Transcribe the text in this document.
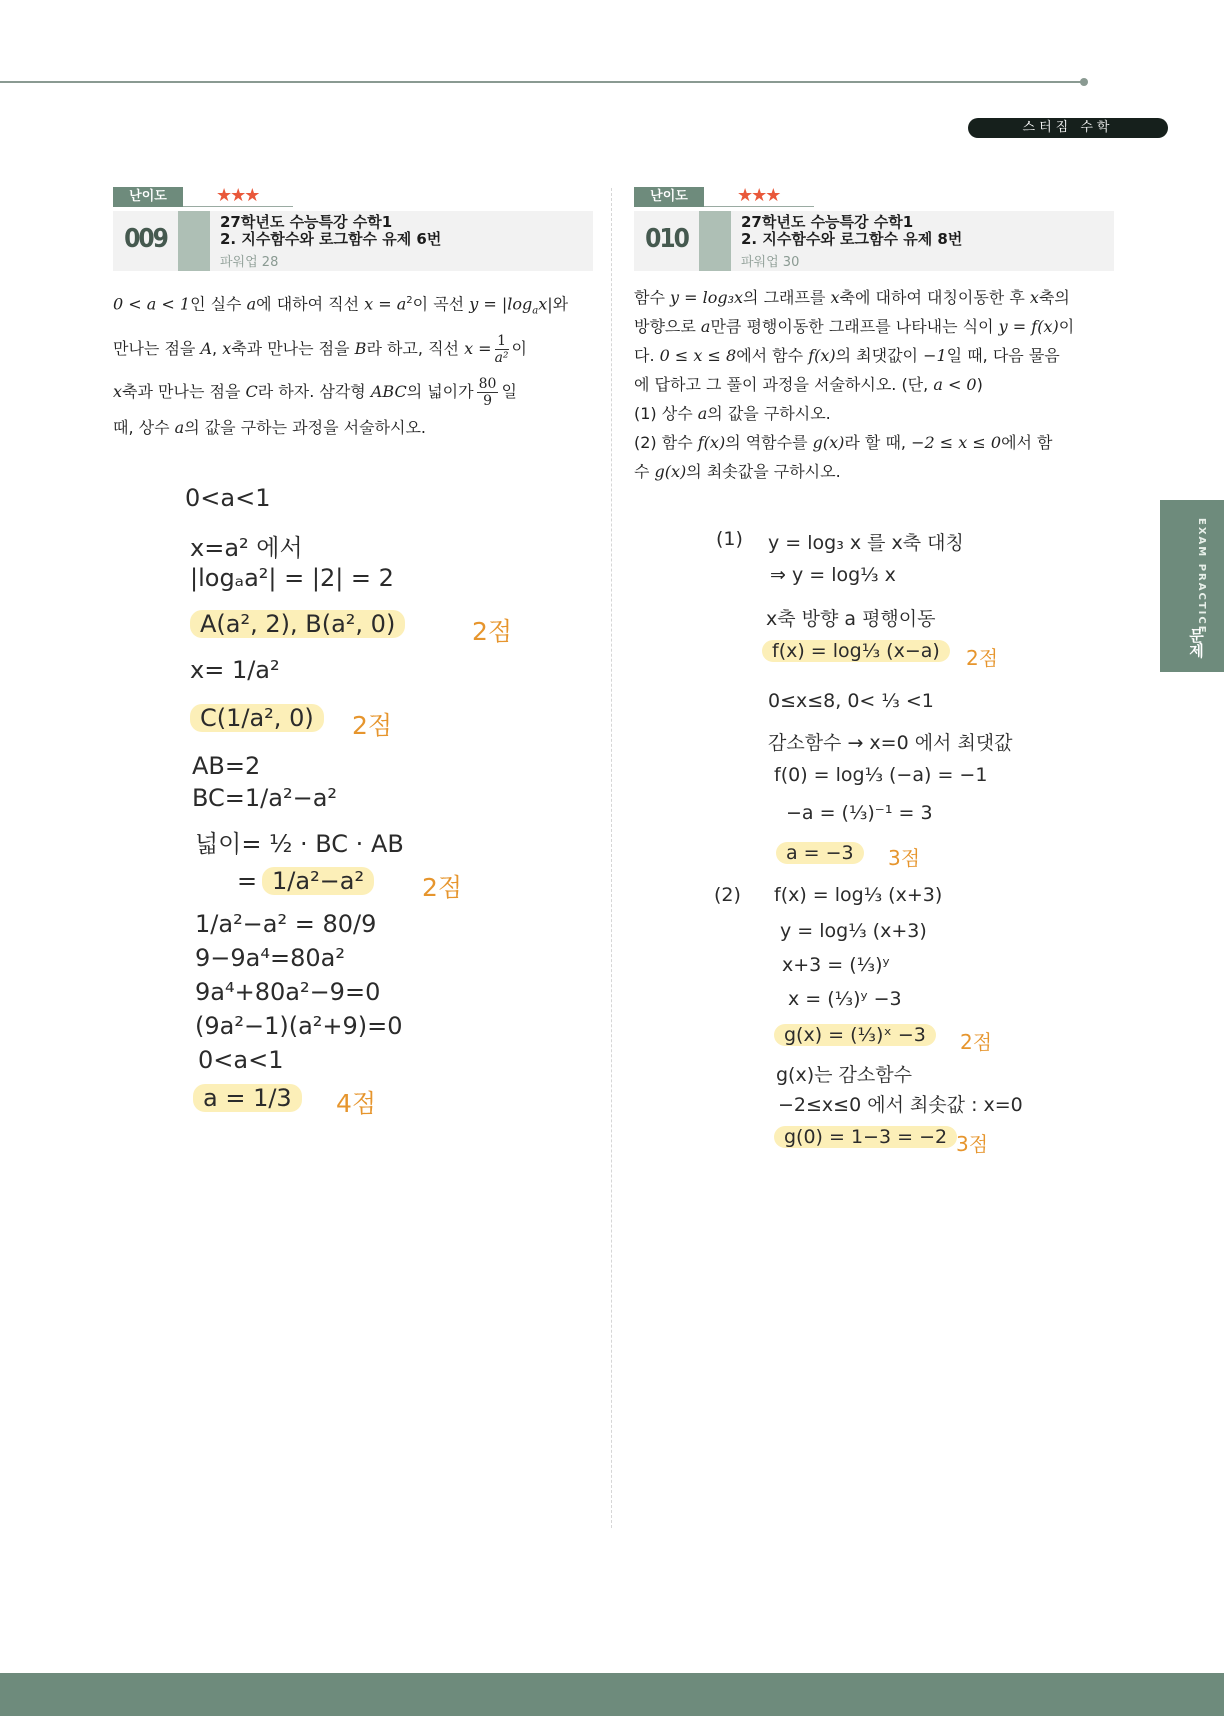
스터짐 수학
EXAM PRACTICE
문제
난이도	★★★
009
27학년도 수능특강 수학1
2. 지수함수와 로그함수 유제 6번
파워업 28
난이도	★★★
010
27학년도 수능특강 수학1
2. 지수함수와 로그함수 유제 8번
파워업 30
0 < a < 1인 실수 a에 대하여 직선 $x = a^2$이 곡선 $y = |\log_ax|$와
만나는 점을 A, x축과 만나는 점을 B라 하고, 직선 $x = \frac{1}{\text{a²}}$ 이
x축과 만나는 점을 C라 하자. 삼각형 ABC의 넓이가 $\frac{80}{9}$ 일
때, 상수 a의 값을 구하는 과정을 서술하시오.
함수 y = log₃x의 그래프를 x축에 대하여 대칭이동한 후 x축의
방향으로 a만큼 평행이동한 그래프를 나타내는 식이 y = f(x)이
다. 0 ≤ x ≤ 8에서 함수 f(x)의 최댓값이 −1일 때, 다음 물음
에 답하고 그 풀이 과정을 서술하시오. (단, a < 0)
(1) 상수 a의 값을 구하시오.
(2) 함수 f(x)의 역함수를 g(x)라 할 때, −2 ≤ x ≤ 0에서 함
수 g(x)의 최솟값을 구하시오.
0<a<1
x=a² 에서
|logₐa²| = |2| = 2
A(a², 2), B(a², 0)	2점
x= 1/a²
C(1/a², 0)	2점
AB=2
BC=1/a²−a²
넓이= ½ · BC · AB
= 1/a²−a²	2점
1/a²−a² = 80/9
9−9a⁴=80a²
9a⁴+80a²−9=0
(9a²−1)(a²+9)=0
0<a<1
a = 1/3	4점
(1) y = log₃ x 를 x축 대칭
⇒ y = log⅓ x
x축 방향 a 평행이동
f(x) = log⅓ (x−a)	2점
0≤x≤8, 0< ⅓ <1
감소함수 → x=0 에서 최댓값
f(0) = log⅓ (−a) = −1
−a = (⅓)⁻¹ = 3
a = −3	3점
(2) f(x) = log⅓ (x+3)
y = log⅓ (x+3)
x+3 = (⅓)ʸ
x = (⅓)ʸ −3
g(x) = (⅓)ˣ −3	2점
g(x)는 감소함수
−2≤x≤0 에서 최솟값 : x=0
g(0) = 1−3 = −2 3점
